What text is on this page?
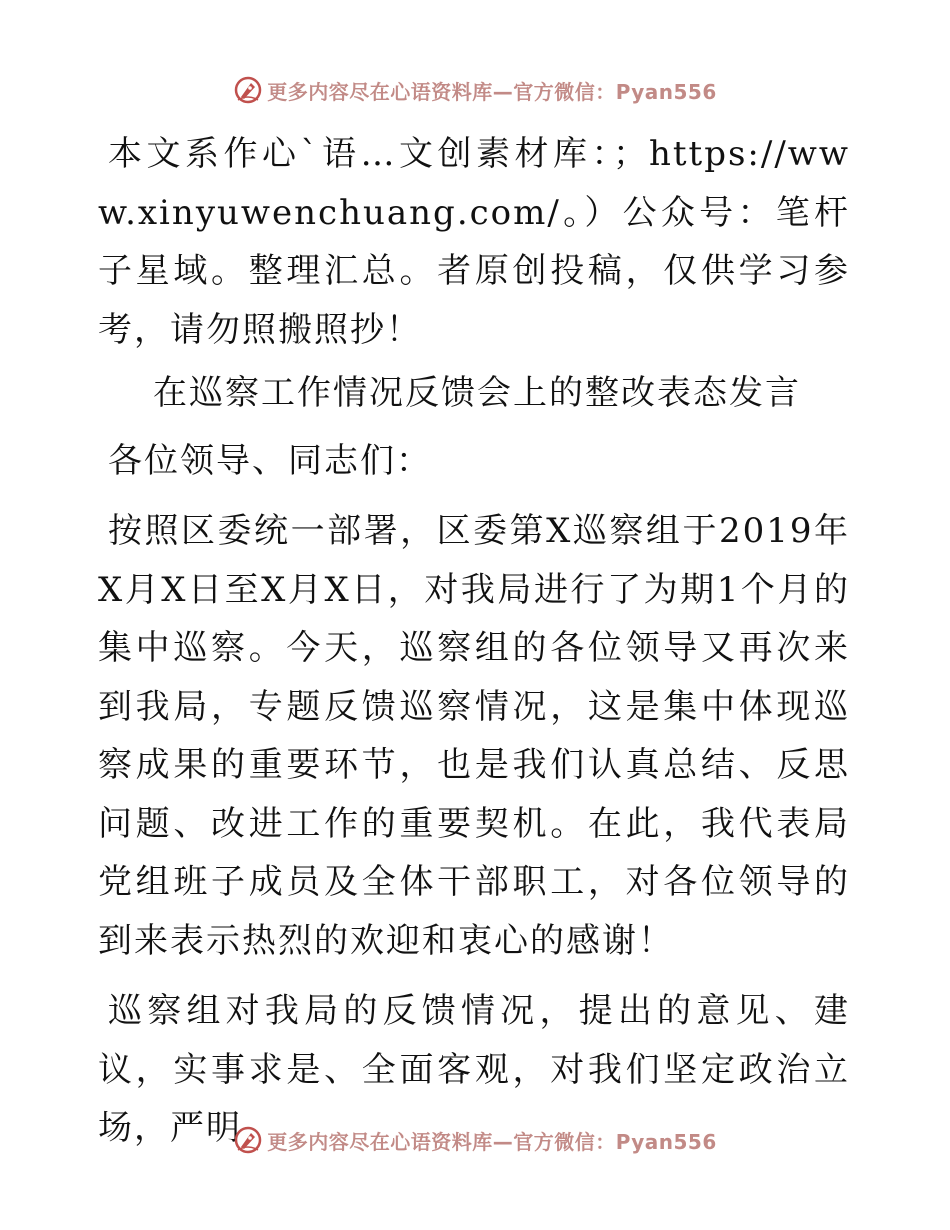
更多内容尽在心语资料库—官方微信：Pyan556

本文系作心`语…文创素材库：；https://www.xinyuwenchuang.com/。）公众号：笔杆子星域。整理汇总。者原创投稿，仅供学习参考，请勿照搬照抄！

在巡察工作情况反馈会上的整改表态发言

各位领导、同志们：

按照区委统一部署，区委第X巡察组于2019年X月X日至X月X日，对我局进行了为期1个月的集中巡察。今天，巡察组的各位领导又再次来到我局，专题反馈巡察情况，这是集中体现巡察成果的重要环节，也是我们认真总结、反思问题、改进工作的重要契机。在此，我代表局党组班子成员及全体干部职工，对各位领导的到来表示热烈的欢迎和衷心的感谢！

巡察组对我局的反馈情况，提出的意见、建议，实事求是、全面客观，对我们坚定政治立场，严明	更多内容尽在心语资料库—官方微信：Pyan556
